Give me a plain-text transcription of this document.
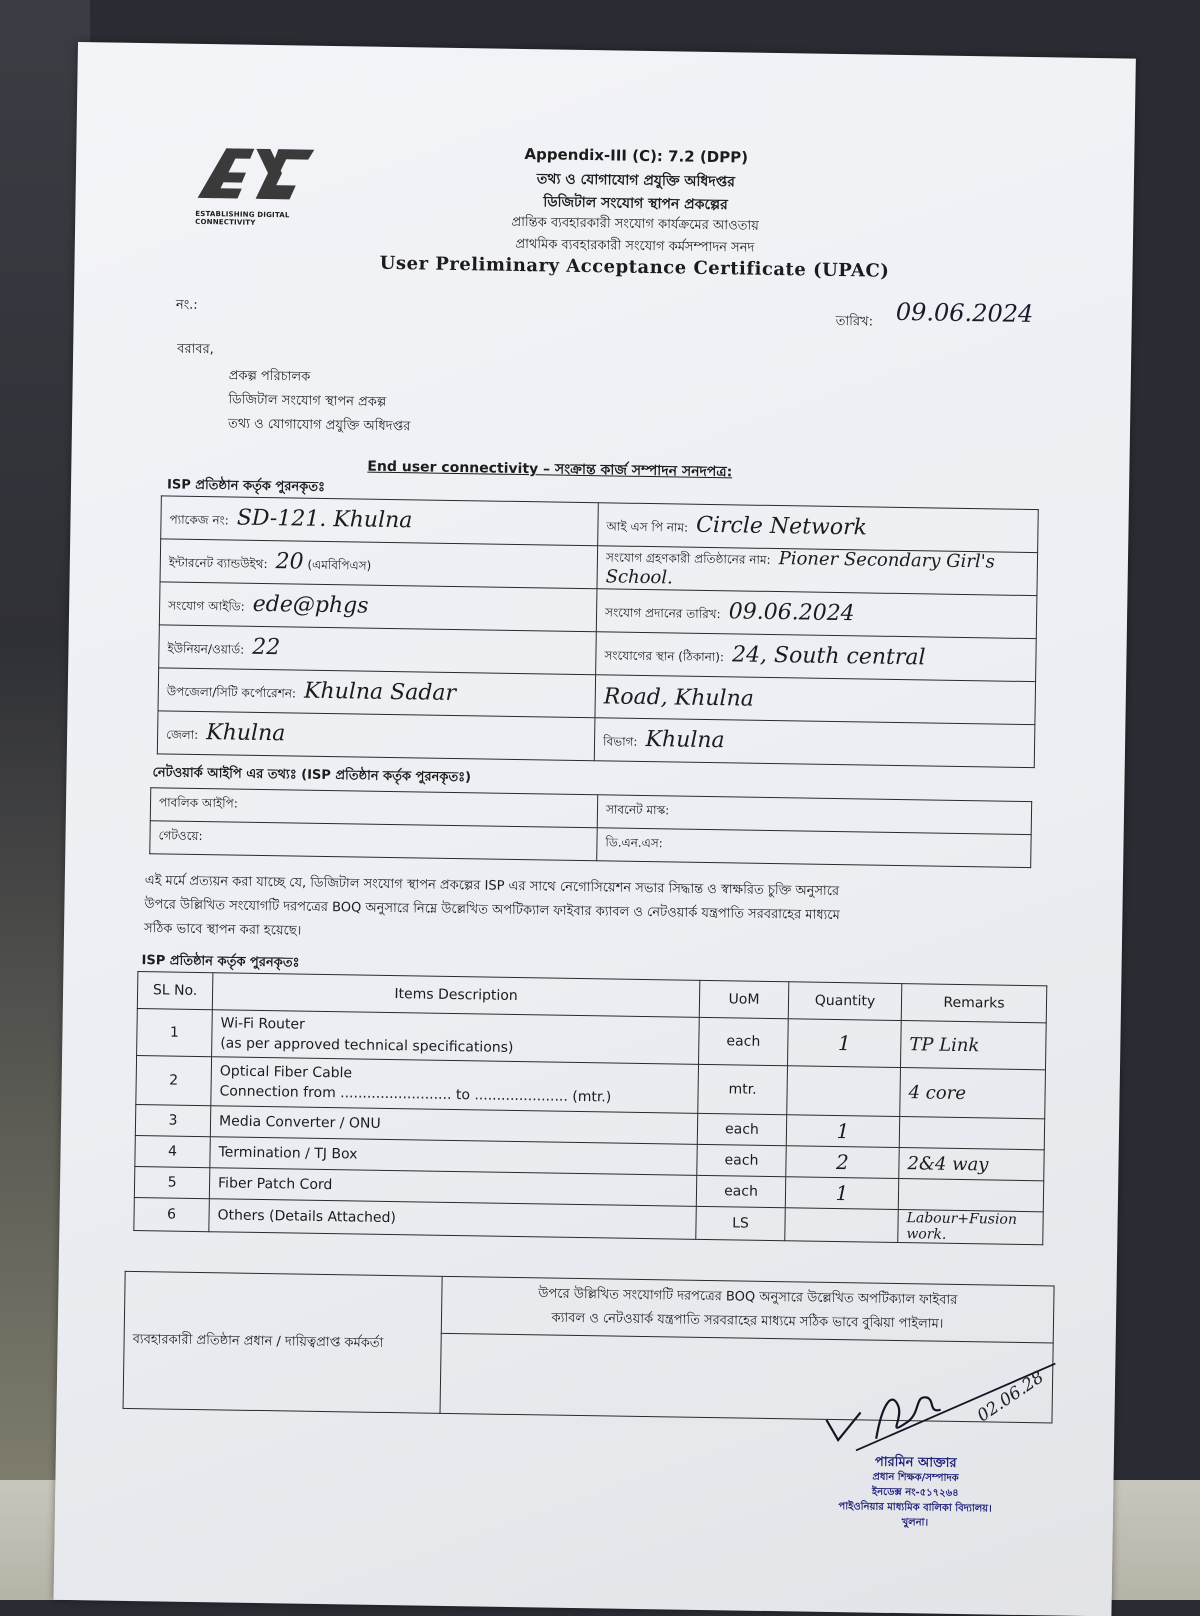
ESTABLISHING DIGITAL CONNECTIVITY
Appendix-III (C): 7.2 (DPP)
তথ্য ও যোগাযোগ প্রযুক্তি অধিদপ্তর
ডিজিটাল সংযোগ স্থাপন প্রকল্পের
প্রান্তিক ব্যবহারকারী সংযোগ কার্যক্রমের আওতায়
প্রাথমিক ব্যবহারকারী সংযোগ কর্মসম্পাদন সনদ
User Preliminary Acceptance Certificate (UPAC)
নং.:
তারিখ: 09.06.2024
বরাবর,
প্রকল্প পরিচালক
ডিজিটাল সংযোগ স্থাপন প্রকল্প
তথ্য ও যোগাযোগ প্রযুক্তি অধিদপ্তর
End user connectivity – সংক্রান্ত কার্জ সম্পাদন সনদপত্র:
ISP প্রতিষ্ঠান কর্তৃক পুরনকৃতঃ
প্যাকেজ নং: SD-121. Khulna	আই এস পি নাম: Circle Network
ইন্টারনেট ব্যান্ডউইথ: 20 (এমবিপিএস)	সংযোগ গ্রহণকারী প্রতিষ্ঠানের নাম: Pioner Secondary Girl's School.
সংযোগ আইডি: ede@phgs	সংযোগ প্রদানের তারিখ: 09.06.2024
ইউনিয়ন/ওয়ার্ড: 22	সংযোগের স্থান (ঠিকানা): 24, South central
উপজেলা/সিটি কর্পোরেশন: Khulna Sadar	Road, Khulna
জেলা: Khulna	বিভাগ: Khulna
নেটওয়ার্ক আইপি এর তথ্যঃ (ISP প্রতিষ্ঠান কর্তৃক পুরনকৃতঃ)
পাবলিক আইপি:	সাবনেট মাস্ক:
গেটওয়ে:	ডি.এন.এস:
এই মর্মে প্রত্যয়ন করা যাচ্ছে যে, ডিজিটাল সংযোগ স্থাপন প্রকল্পের ISP এর সাথে নেগোসিয়েশন সভার সিদ্ধান্ত ও স্বাক্ষরিত চুক্তি অনুসারে
উপরে উল্লিখিত সংযোগটি দরপত্রের BOQ অনুসারে নিম্নে উল্লেখিত অপটিক্যাল ফাইবার ক্যাবল ও নেটওয়ার্ক যন্ত্রপাতি সরবরাহের মাধ্যমে
সঠিক ভাবে স্থাপন করা হয়েছে।
ISP প্রতিষ্ঠান কর্তৃক পুরনকৃতঃ
SL No.	Items Description	UoM	Quantity	Remarks
1	Wi-Fi Router
(as per approved technical specifications)	each	1	TP Link
2	Optical Fiber Cable
Connection from ......................... to ..................... (mtr.)	mtr.		4 core
3	Media Converter / ONU	each	1	
4	Termination / TJ Box	each	2	2&4 way
5	Fiber Patch Cord	each	1	
6	Others (Details Attached)	LS		Labour+Fusion work.
ব্যবহারকারী প্রতিষ্ঠান প্রধান / দায়িত্বপ্রাপ্ত কর্মকর্তা	
উপরে উল্লিখিত সংযোগটি দরপত্রের BOQ অনুসারে উল্লেখিত অপটিক্যাল ফাইবার
ক্যাবল ও নেটওয়ার্ক যন্ত্রপাতি সরবরাহের মাধ্যমে সঠিক ভাবে বুঝিয়া পাইলাম।

02.06.28
পারমিন আক্তার
প্রধান শিক্ষক/সম্পাদক
ইনডেক্স নং-৫১৭২৬৪
পাইওনিয়ার মাধ্যমিক বালিকা বিদ্যালয়।
খুলনা।
